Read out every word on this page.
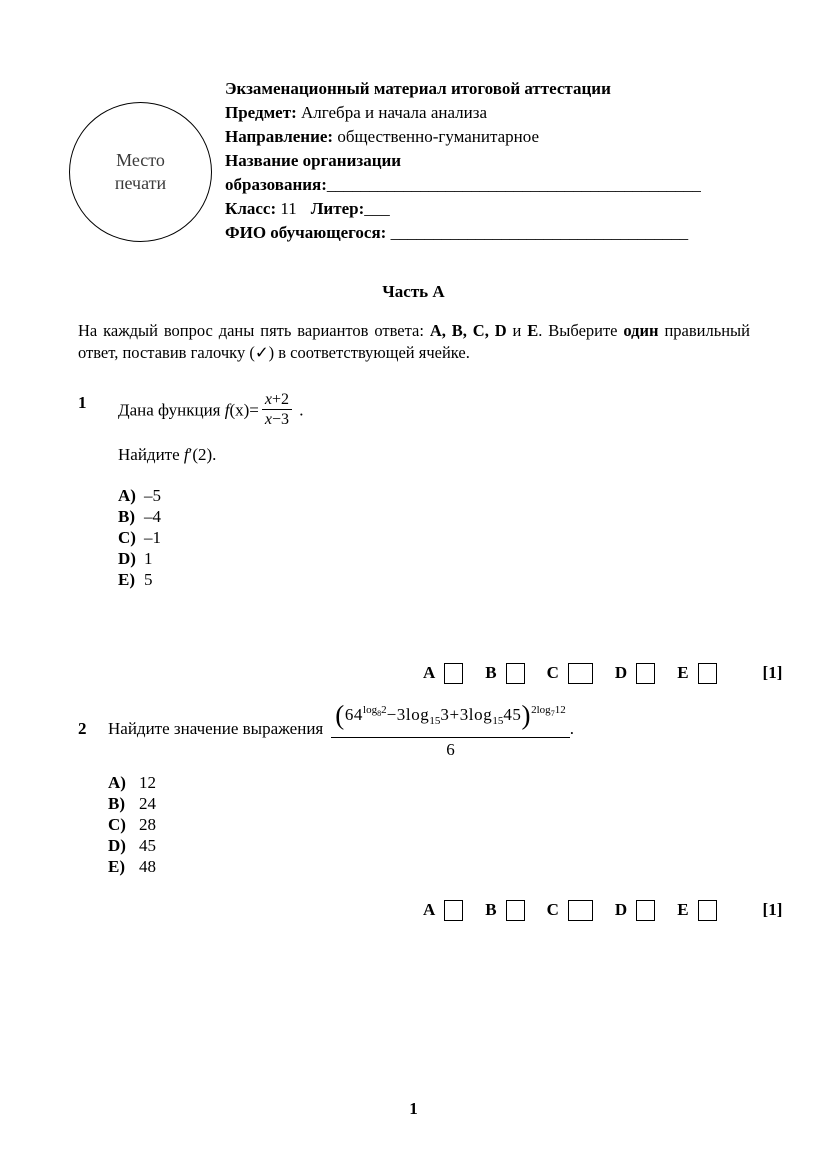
Место
печати
Экзаменационный материал итоговой аттестации
Предмет: Алгебра и начала анализа
Направление: общественно-гуманитарное
Название организации
образования:____________________________________________
Класс: 11 Литер:___
ФИО обучающегося: ___________________________________
Часть А

На каждый вопрос даны пять вариантов ответа: А, В, С, D и Е. Выберите один правильный ответ, поставив галочку (✓) в соответствующей ячейке.

1	Дана функция $f(x)= \frac{x+2}{x-3}$ .
Найдите f′(2).
A) –5
B) –4
C) –1
D) 1
E) 5
A	B	C	D	E	[1]
2	Найдите значение выражения $\frac{(64^{log_82}-3\log_{15}3+3\log_{15}45)^{2log_712}}{6}$ .
A) 12
B) 24
C) 28
D) 45
E) 48
A	B	C	D	E	[1]
1
